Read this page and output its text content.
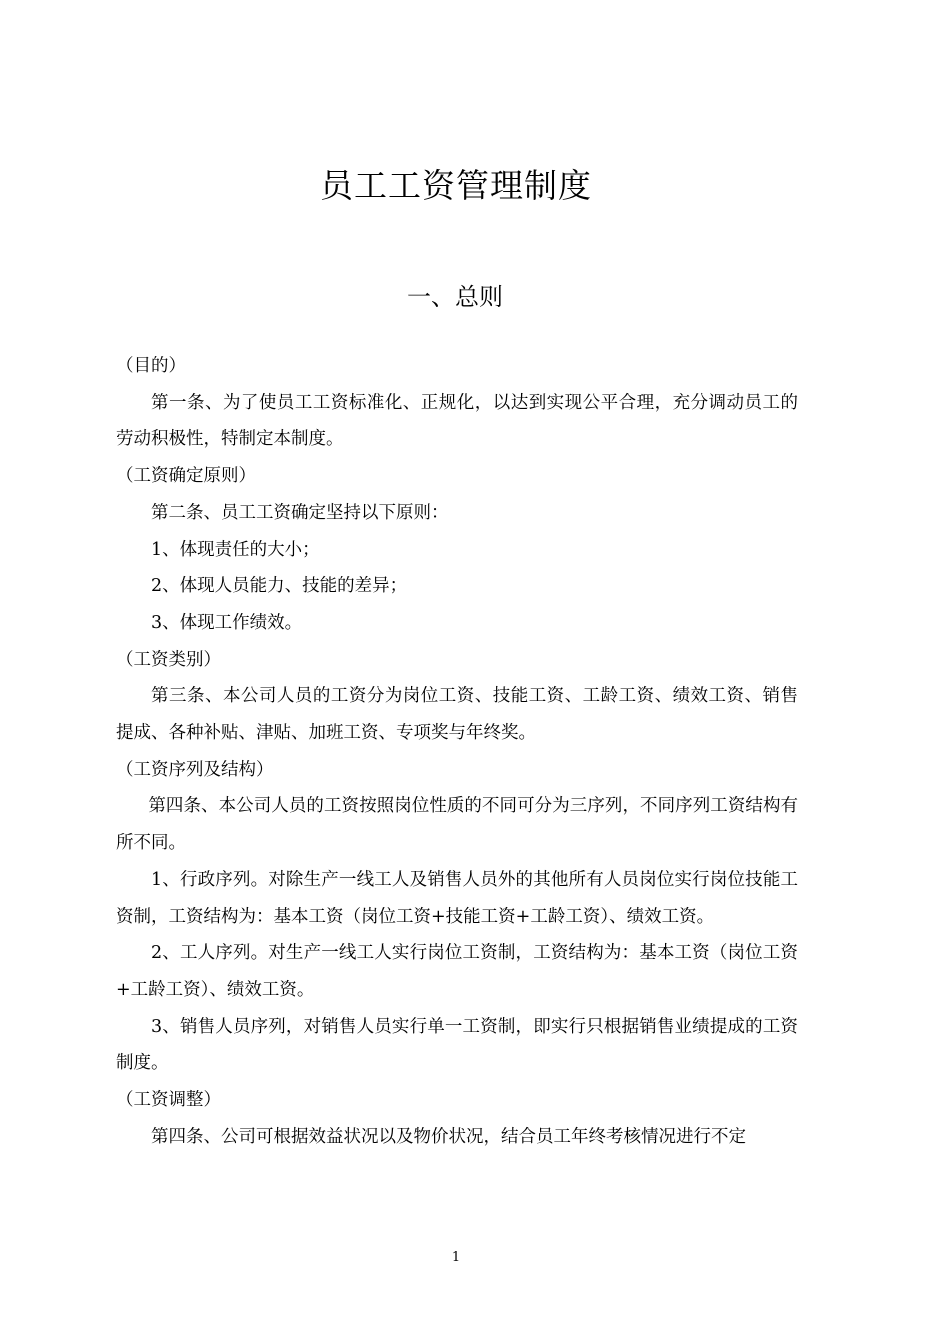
员工工资管理制度
一、总则
（目的）

第一条、为了使员工工资标准化、正规化，以达到实现公平合理，充分调动员工的劳动积极性，特制定本制度。

（工资确定原则）

第二条、员工工资确定坚持以下原则：

1、体现责任的大小；

2、体现人员能力、技能的差异；

3、体现工作绩效。

（工资类别）

第三条、本公司人员的工资分为岗位工资、技能工资、工龄工资、绩效工资、销售提成、各种补贴、津贴、加班工资、专项奖与年终奖。

（工资序列及结构）

第四条、本公司人员的工资按照岗位性质的不同可分为三序列，不同序列工资结构有所不同。

1、行政序列。对除生产一线工人及销售人员外的其他所有人员岗位实行岗位技能工资制，工资结构为：基本工资（岗位工资+技能工资+工龄工资）、绩效工资。

2、工人序列。对生产一线工人实行岗位工资制，工资结构为：基本工资（岗位工资+工龄工资）、绩效工资。

3、销售人员序列，对销售人员实行单一工资制，即实行只根据销售业绩提成的工资制度。

（工资调整）

第四条、公司可根据效益状况以及物价状况，结合员工年终考核情况进行不定

1
